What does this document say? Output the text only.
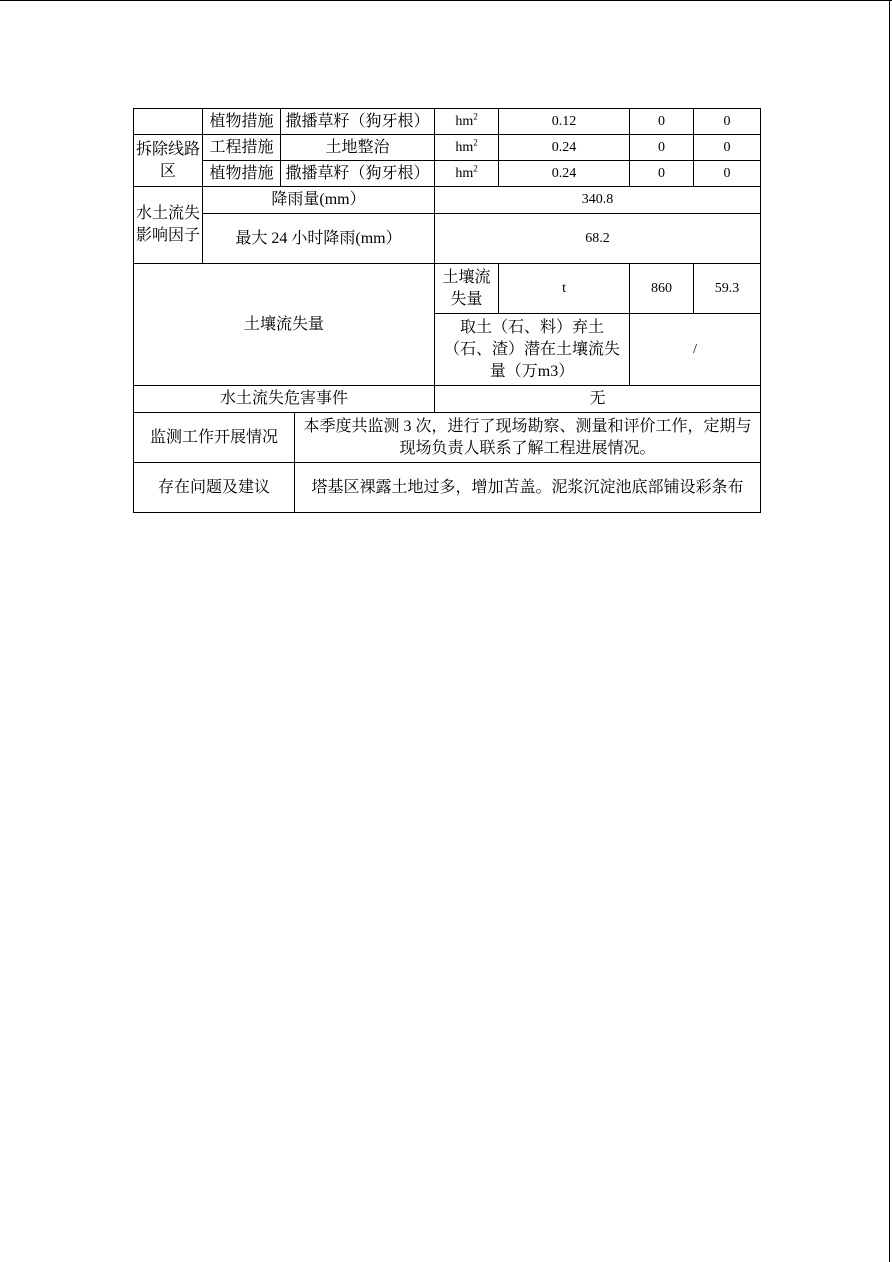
	植物措施	撒播草籽（狗牙根）		$hm^2$	0.12	0	0
拆除线路区	工程措施	土地整治		$hm^2$	0.24	0	0
	植物措施	撒播草籽（狗牙根）		$hm^2$	0.24	0	0
水土流失影响因子	降雨量(mm）			340.8			
	最大 24 小时降雨(mm）			68.2			
土壤流失量				土壤流失量	t	860	59.3
				取土（石、料）弃土（石、渣）潜在土壤流失量（万m3）		/	
水土流失危害事件				无			
监测工作开展情况			本季度共监测 3 次，进行了现场勘察、测量和评价工作，定期与现场负责人联系了解工程进展情况。				
存在问题及建议			塔基区裸露土地过多，增加苫盖。泥浆沉淀池底部铺设彩条布				
